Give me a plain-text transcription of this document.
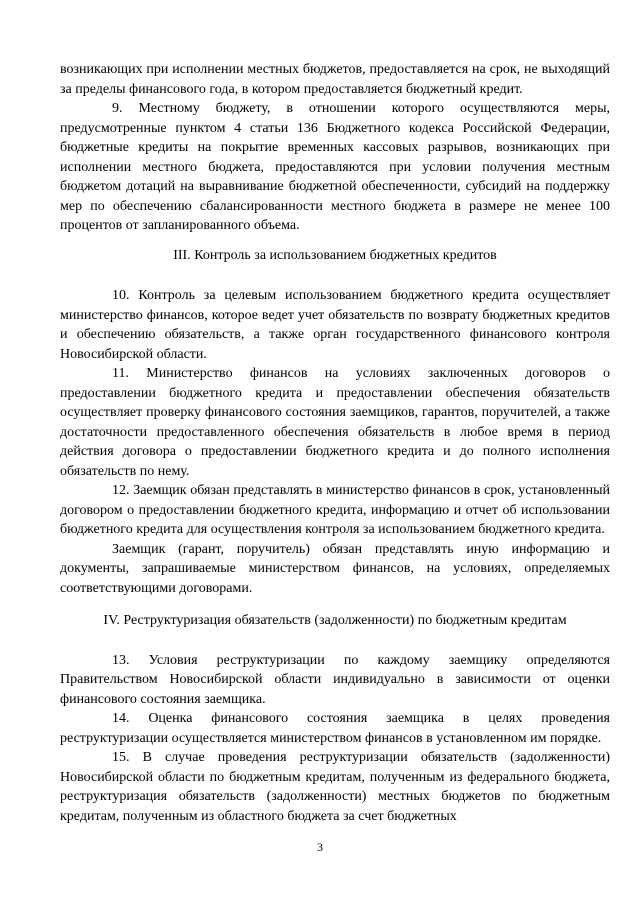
возникающих при исполнении местных бюджетов, предоставляется на срок, не выходящий за пределы финансового года, в котором предоставляется бюджетный кредит.

9. Местному бюджету, в отношении которого осуществляются меры, предусмотренные пунктом 4 статьи 136 Бюджетного кодекса Российской Федерации, бюджетные кредиты на покрытие временных кассовых разрывов, возникающих при исполнении местного бюджета, предоставляются при условии получения местным бюджетом дотаций на выравнивание бюджетной обеспеченности, субсидий на поддержку мер по обеспечению сбалансированности местного бюджета в размере не менее 100 процентов от запланированного объема.

III. Контроль за использованием бюджетных кредитов

10. Контроль за целевым использованием бюджетного кредита осуществляет министерство финансов, которое ведет учет обязательств по возврату бюджетных кредитов и обеспечению обязательств, а также орган государственного финансового контроля Новосибирской области.

11. Министерство финансов на условиях заключенных договоров о предоставлении бюджетного кредита и предоставлении обеспечения обязательств осуществляет проверку финансового состояния заемщиков, гарантов, поручителей, а также достаточности предоставленного обеспечения обязательств в любое время в период действия договора о предоставлении бюджетного кредита и до полного исполнения обязательств по нему.

12. Заемщик обязан представлять в министерство финансов в срок, установленный договором о предоставлении бюджетного кредита, информацию и отчет об использовании бюджетного кредита для осуществления контроля за использованием бюджетного кредита.

Заемщик (гарант, поручитель) обязан представлять иную информацию и документы, запрашиваемые министерством финансов, на условиях, определяемых соответствующими договорами.

IV. Реструктуризация обязательств (задолженности) по бюджетным кредитам

13. Условия реструктуризации по каждому заемщику определяются Правительством Новосибирской области индивидуально в зависимости от оценки финансового состояния заемщика.

14. Оценка финансового состояния заемщика в целях проведения реструктуризации осуществляется министерством финансов в установленном им порядке.

15. В случае проведения реструктуризации обязательств (задолженности) Новосибирской области по бюджетным кредитам, полученным из федерального бюджета, реструктуризация обязательств (задолженности) местных бюджетов по бюджетным кредитам, полученным из областного бюджета за счет бюджетных

3
